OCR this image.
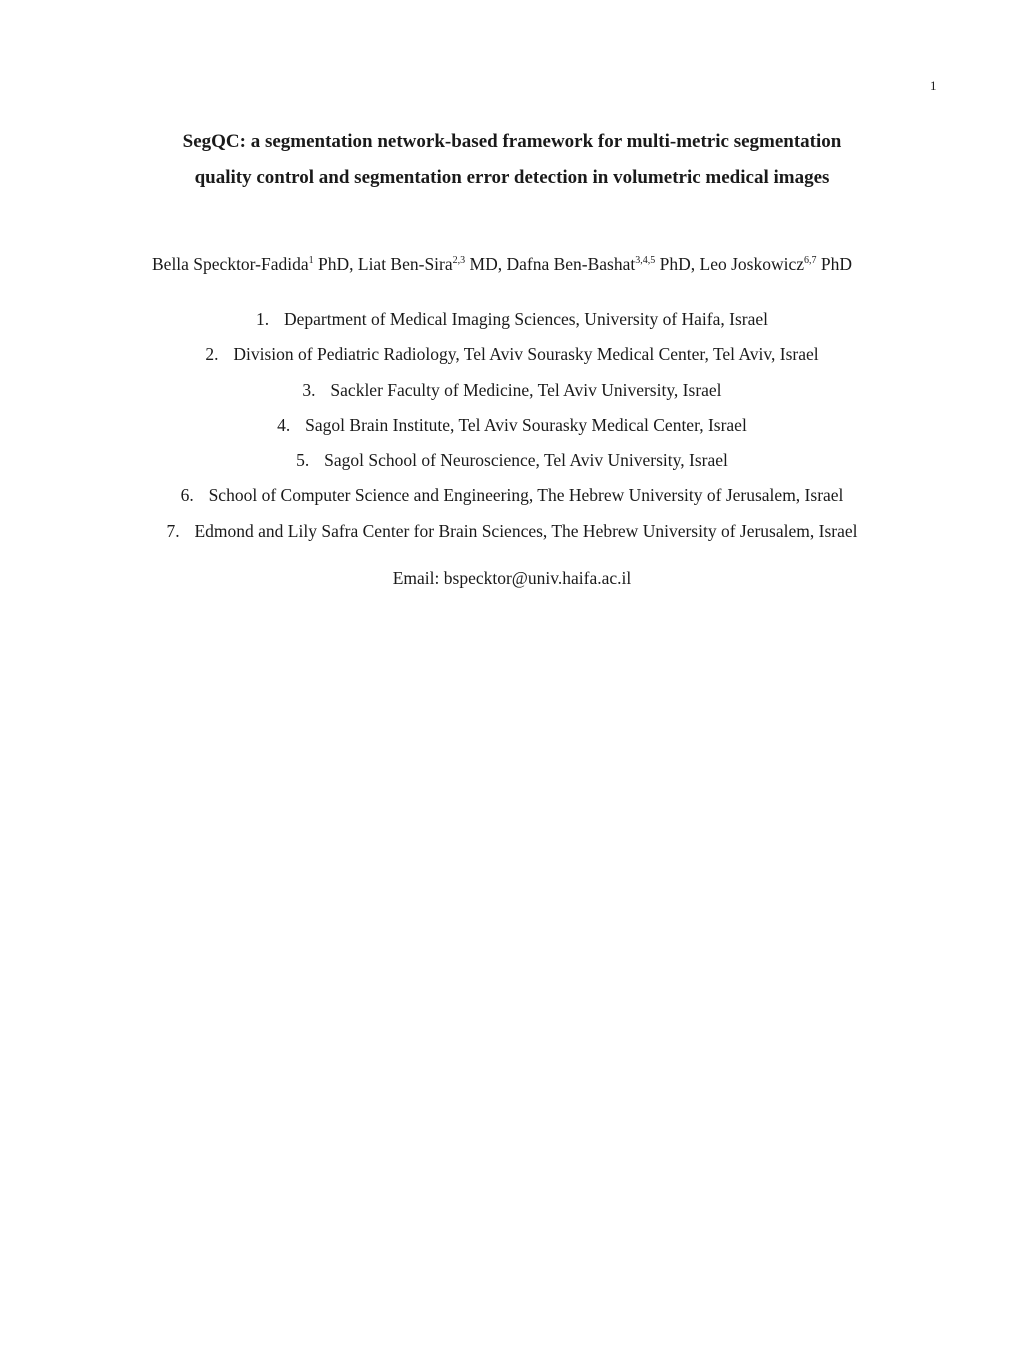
1
SegQC: a segmentation network-based framework for multi-metric segmentation
quality control and segmentation error detection in volumetric medical images
Bella Specktor-Fadida$^1$ PhD, Liat Ben-Sira$^{2,3}$ MD, Dafna Ben-Bashat$^{3,4,5}$ PhD, Leo Joskowicz$^{6,7}$ PhD
1. Department of Medical Imaging Sciences, University of Haifa, Israel
2. Division of Pediatric Radiology, Tel Aviv Sourasky Medical Center, Tel Aviv, Israel
3. Sackler Faculty of Medicine, Tel Aviv University, Israel
4. Sagol Brain Institute, Tel Aviv Sourasky Medical Center, Israel
5. Sagol School of Neuroscience, Tel Aviv University, Israel
6. School of Computer Science and Engineering, The Hebrew University of Jerusalem, Israel
7. Edmond and Lily Safra Center for Brain Sciences, The Hebrew University of Jerusalem, Israel
Email: bspecktor@univ.haifa.ac.il
